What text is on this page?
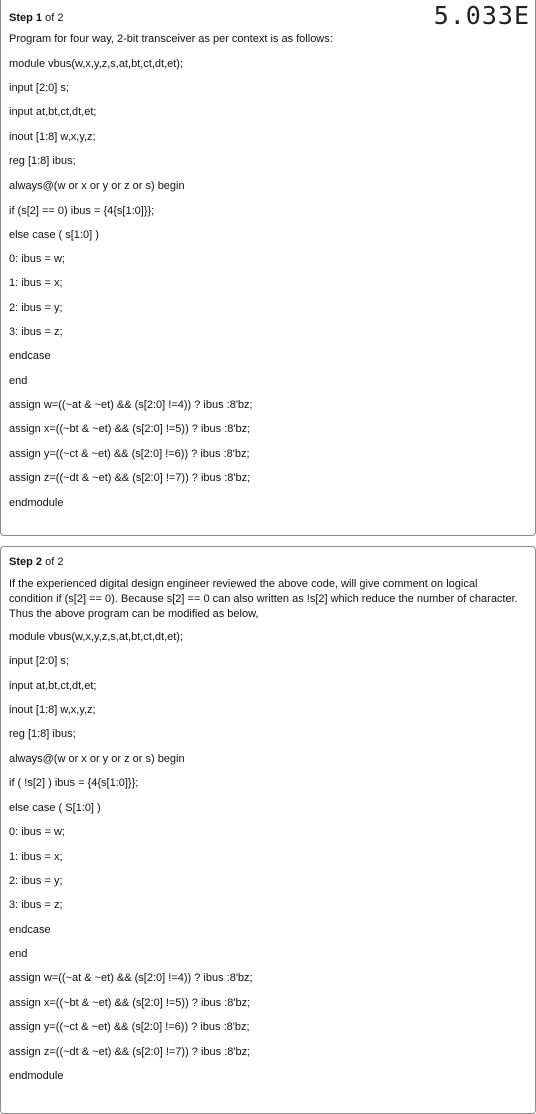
Step 1 of 2
Program for four way, 2-bit transceiver as per context is as follows:
module vbus(w,x,y,z,s,at,bt,ct,dt,et);
input [2:0] s;
input at,bt,ct,dt,et;
inout [1:8] w,x,y,z;
reg [1:8] ibus;
always@(w or x or y or z or s) begin
if (s[2] == 0) ibus = {4{s[1:0]}};
else case ( s[1:0] )
0: ibus = w;
1: ibus = x;
2: ibus = y;
3: ibus = z;
endcase
end
assign w=((~at & ~et) && (s[2:0] !=4)) ? ibus :8'bz;
assign x=((~bt & ~et) && (s[2:0] !=5)) ? ibus :8'bz;
assign y=((~ct & ~et) && (s[2:0] !=6)) ? ibus :8'bz;
assign z=((~dt & ~et) && (s[2:0] !=7)) ? ibus :8'bz;
endmodule
5.033E
Step 2 of 2
If the experienced digital design engineer reviewed the above code, will give comment on logical condition if (s[2] == 0). Because s[2] == 0 can also written as !s[2] which reduce the number of character. Thus the above program can be modified as below,
module vbus(w,x,y,z,s,at,bt,ct,dt,et);
input [2:0] s;
input at,bt,ct,dt,et;
inout [1:8] w,x,y,z;
reg [1:8] ibus;
always@(w or x or y or z or s) begin
if ( !s[2] ) ibus = {4{s[1:0]}};
else case ( S[1:0] )
0: ibus = w;
1: ibus = x;
2: ibus = y;
3: ibus = z;
endcase
end
assign w=((~at & ~et) && (s[2:0] !=4)) ? ibus :8'bz;
assign x=((~bt & ~et) && (s[2:0] !=5)) ? ibus :8'bz;
assign y=((~ct & ~et) && (s[2:0] !=6)) ? ibus :8'bz;
assign z=((~dt & ~et) && (s[2:0] !=7)) ? ibus :8'bz;
endmodule
